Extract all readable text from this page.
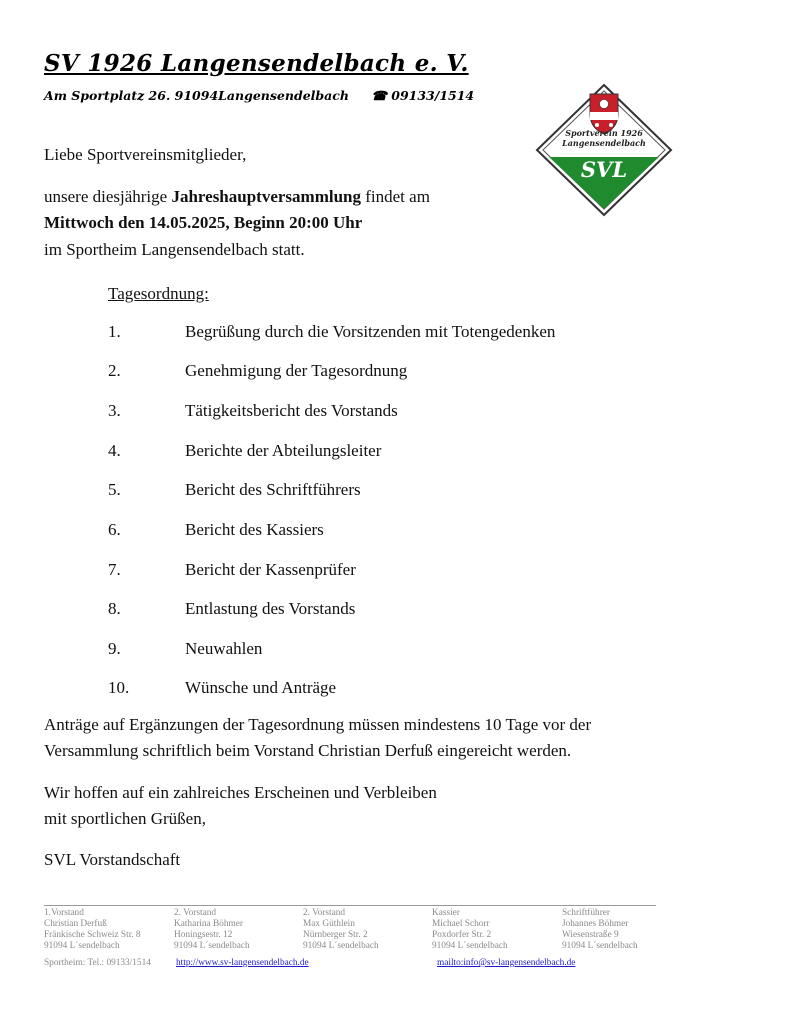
SV 1926 Langensendelbach e. V.
Am Sportplatz 26. 91094Langensendelbach ☎ 09133/1514
Sportverein 1926
Langensendelbach
SVL
Liebe Sportvereinsmitglieder,
unsere diesjährige Jahreshauptversammlung findet am
Mittwoch den 14.05.2025, Beginn 20:00 Uhr
im Sportheim Langensendelbach statt.
Tagesordnung:
1.	Begrüßung durch die Vorsitzenden mit Totengedenken
2.	Genehmigung der Tagesordnung
3.	Tätigkeitsbericht des Vorstands
4.	Berichte der Abteilungsleiter
5.	Bericht des Schriftführers
6.	Bericht des Kassiers
7.	Bericht der Kassenprüfer
8.	Entlastung des Vorstands
9.	Neuwahlen
10.	Wünsche und Anträge
Anträge auf Ergänzungen der Tagesordnung müssen mindestens 10 Tage vor der
Versammlung schriftlich beim Vorstand Christian Derfuß eingereicht werden.
Wir hoffen auf ein zahlreiches Erscheinen und Verbleiben
mit sportlichen Grüßen,
SVL Vorstandschaft
1.Vorstand
Christian Derfuß
Fränkische Schweiz Str. 8
91094 L´sendelbach
2. Vorstand
Katharina Böhmer
Honingsestr. 12
91094 L´sendelbach
2. Vorstand
Max Güthlein
Nürnberger Str. 2
91094 L´sendelbach
Kassier
Michael Schorr
Poxdorfer Str. 2
91094 L´sendelbach
Schriftführer
Johannes Böhmer
Wiesenstraße 9
91094 L´sendelbach
Sportheim: Tel.: 09133/1514	http://www.sv-langensendelbach.de	mailto:info@sv-langensendelbach.de
